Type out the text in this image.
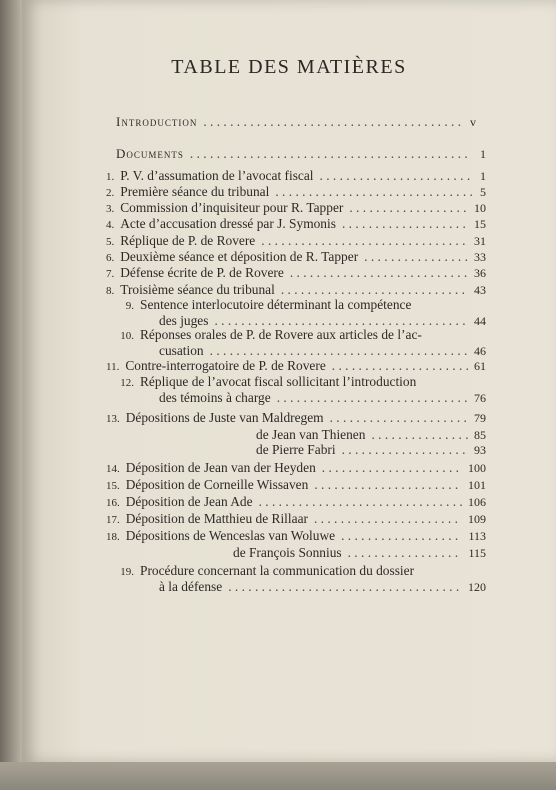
TABLE DES MATIÈRES
Introduction . . .	v
Documents . . .	1
1. P. V. d’assumation de l’avocat fiscal . . .	1
2. Première séance du tribunal . . .	5
3. Commission d’inquisiteur pour R. Tapper . . .	10
4. Acte d’accusation dressé par J. Symonis . . .	15
5. Réplique de P. de Rovere . . .	31
6. Deuxième séance et déposition de R. Tapper . . .	33
7. Défense écrite de P. de Rovere . . .	36
8. Troisième séance du tribunal . . .	43
9. Sentence interlocutoire déterminant la compétence
des juges . . .	44
10. Réponses orales de P. de Rovere aux articles de l’ac-
cusation . . .	46
11. Contre-interrogatoire de P. de Rovere . . .	61
12. Réplique de l’avocat fiscal sollicitant l’introduction
des témoins à charge . . .	76
13. Dépositions de Juste van Maldregem . . .	79
de Jean van Thienen . . .	85
de Pierre Fabri . . .	93
14. Déposition de Jean van der Heyden . . .	100
15. Déposition de Corneille Wissaven . . .	101
16. Déposition de Jean Ade . . .	106
17. Déposition de Matthieu de Rillaar . . .	109
18. Dépositions de Wenceslas van Woluwe . . .	113
de François Sonnius . . .	115
19. Procédure concernant la communication du dossier
à la défense . . .	120
